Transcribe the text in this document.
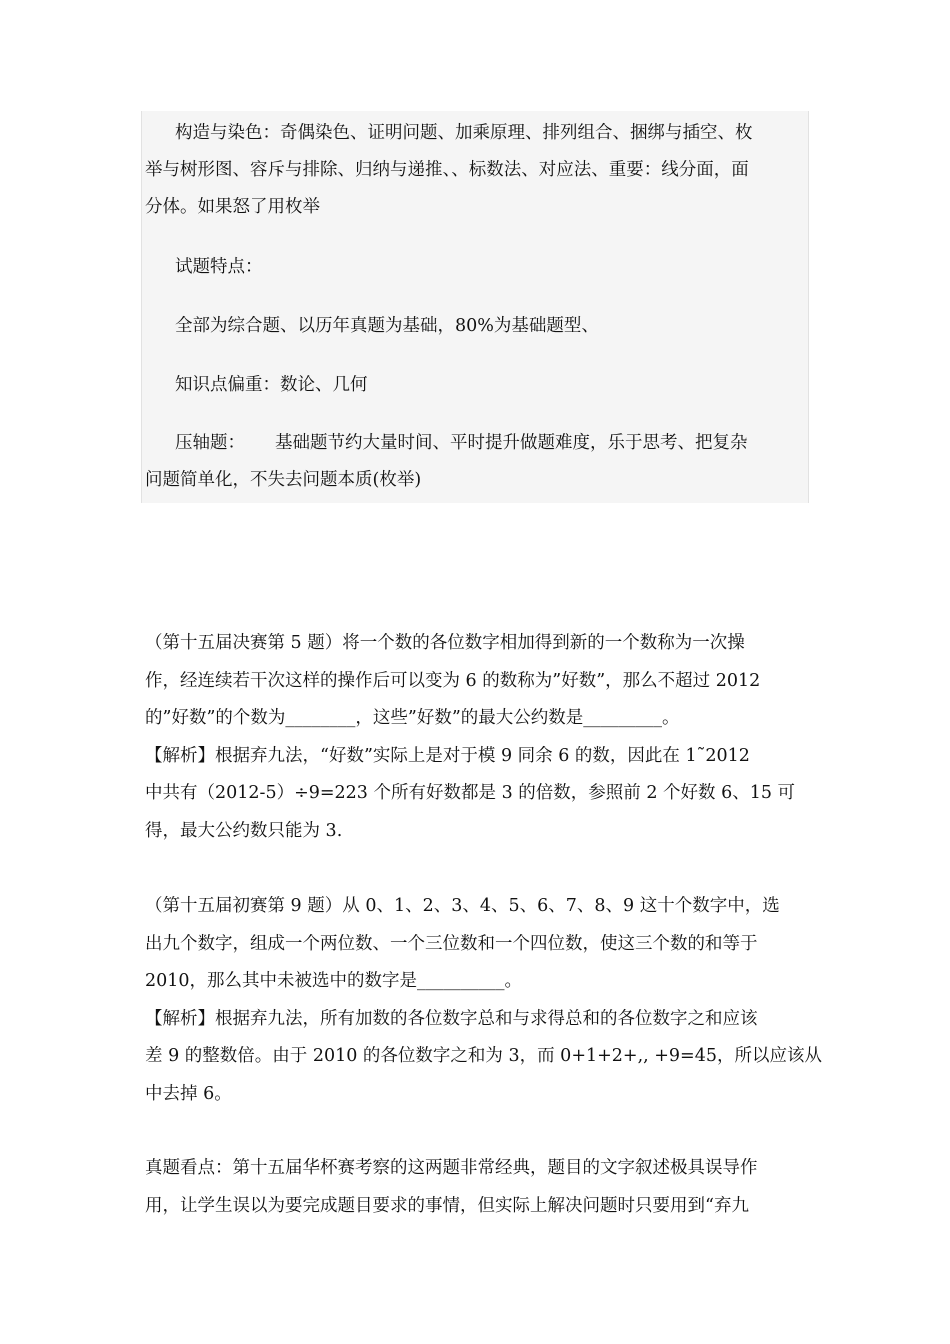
构造与染色：奇偶染色、证明问题、加乘原理、排列组合、捆绑与插空、枚
举与树形图、容斥与排除、归纳与递推、、标数法、对应法、重要：线分面，面
分体。如果怒了用枚举
试题特点：
全部为综合题、以历年真题为基础，80%为基础题型、
知识点偏重：数论、几何
压轴题： 基础题节约大量时间、平时提升做题难度，乐于思考、把复杂
问题简单化，不失去问题本质(枚举)
（第十五届决赛第 5 题）将一个数的各位数字相加得到新的一个数称为一次操
作，经连续若干次这样的操作后可以变为 6 的数称为”好数”，那么不超过 2012
的”好数”的个数为________，这些”好数”的最大公约数是_________。
【解析】根据弃九法，“好数”实际上是对于模 9 同余 6 的数，因此在 1˜2012
中共有（2012-5）÷9=223 个所有好数都是 3 的倍数，参照前 2 个好数 6、15 可
得，最大公约数只能为 3.
（第十五届初赛第 9 题）从 0、1、2、3、4、5、6、7、8、9 这十个数字中，选
出九个数字，组成一个两位数、一个三位数和一个四位数，使这三个数的和等于
2010，那么其中未被选中的数字是__________。
【解析】根据弃九法，所有加数的各位数字总和与求得总和的各位数字之和应该
差 9 的整数倍。由于 2010 的各位数字之和为 3，而 0+1+2+,, +9=45，所以应该从
中去掉 6。
真题看点：第十五届华杯赛考察的这两题非常经典，题目的文字叙述极具误导作
用，让学生误以为要完成题目要求的事情，但实际上解决问题时只要用到“弃九
